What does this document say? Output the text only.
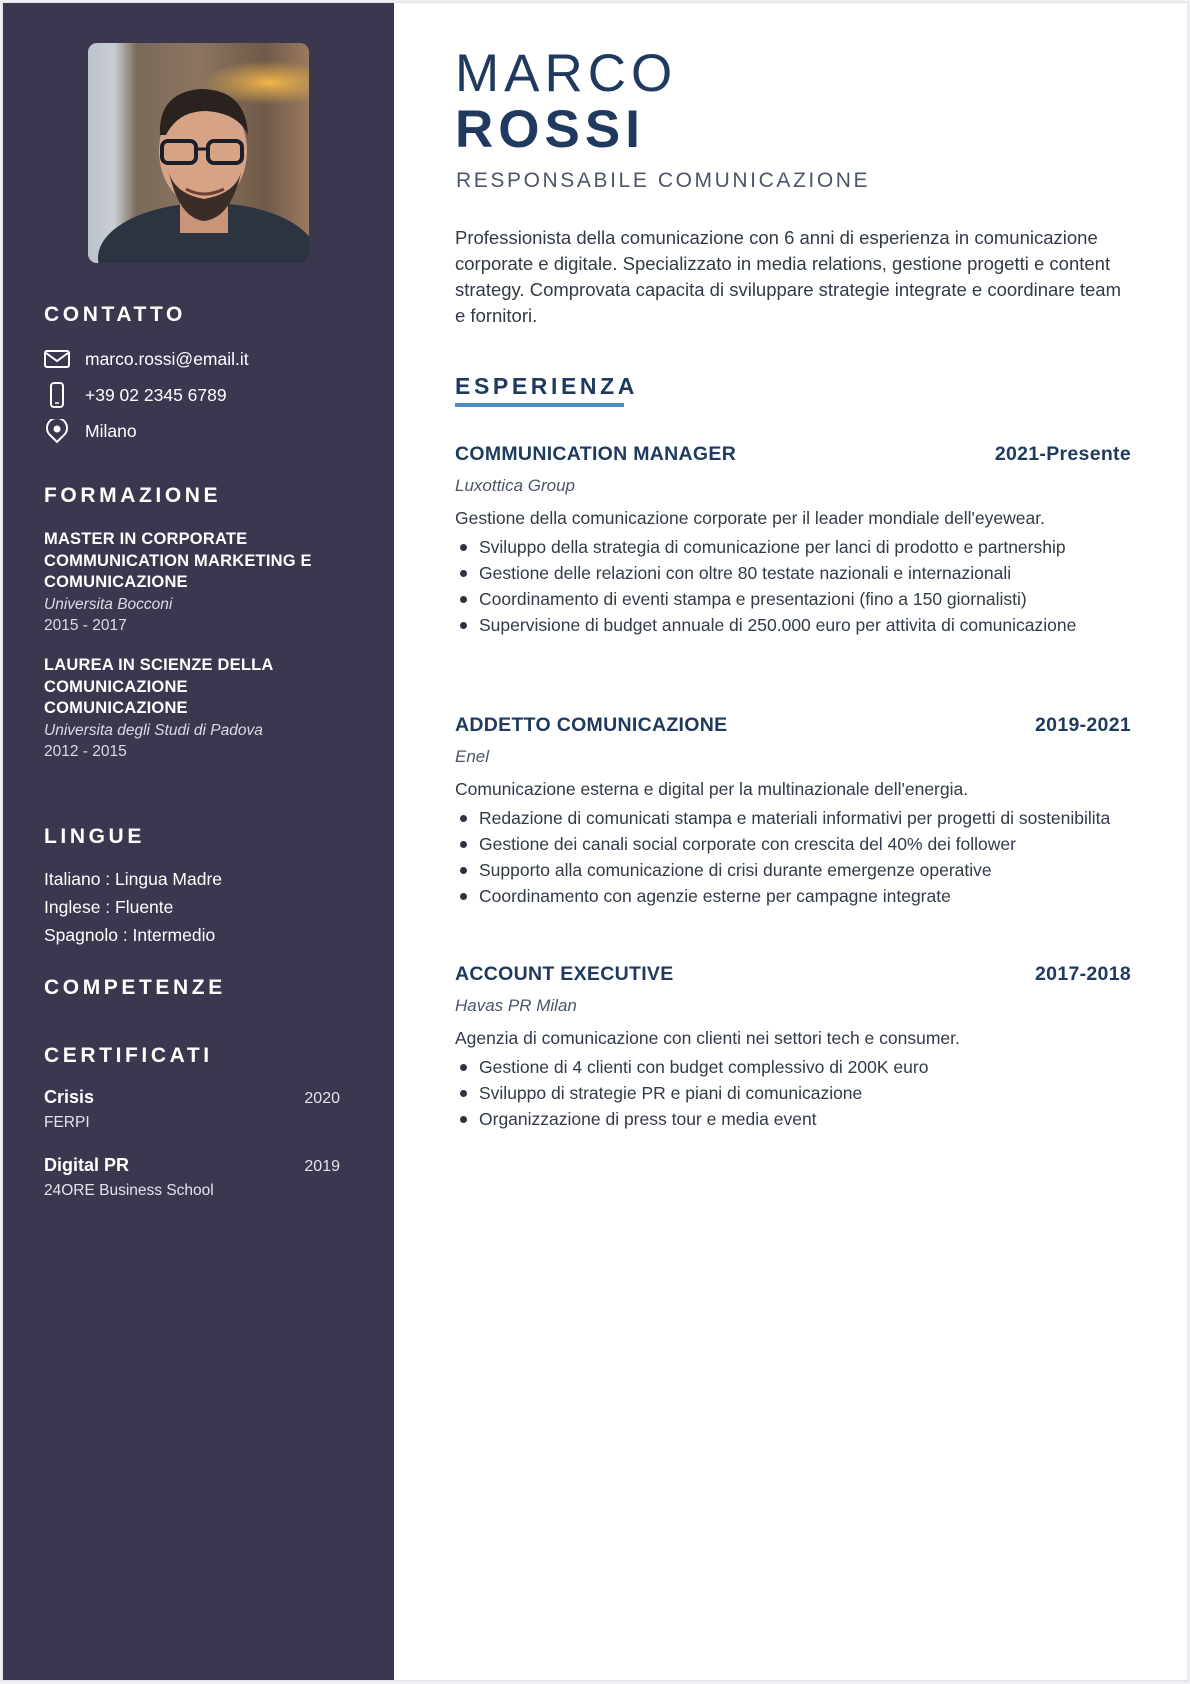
CONTATTO
marco.rossi@email.it
+39 02 2345 6789
Milano
FORMAZIONE
MASTER IN CORPORATE COMMUNICATION MARKETING E COMUNICAZIONE
Universita Bocconi
2015 - 2017
LAUREA IN SCIENZE DELLA COMUNICAZIONE COMUNICAZIONE
Universita degli Studi di Padova
2012 - 2015
LINGUE
Italiano : Lingua Madre
Inglese : Fluente
Spagnolo : Intermedio
COMPETENZE
CERTIFICATI
Crisis	2020
FERPI
Digital PR	2019
24ORE Business School
MARCO
ROSSI
RESPONSABILE COMUNICAZIONE

Professionista della comunicazione con 6 anni di esperienza in comunicazione corporate e digitale. Specializzato in media relations, gestione progetti e content strategy. Comprovata capacita di sviluppare strategie integrate e coordinare team e fornitori.

ESPERIENZA
COMMUNICATION MANAGER	2021-Presente
Luxottica Group
Gestione della comunicazione corporate per il leader mondiale dell'eyewear.
Sviluppo della strategia di comunicazione per lanci di prodotto e partnership
Gestione delle relazioni con oltre 80 testate nazionali e internazionali
Coordinamento di eventi stampa e presentazioni (fino a 150 giornalisti)
Supervisione di budget annuale di 250.000 euro per attivita di comunicazione
ADDETTO COMUNICAZIONE	2019-2021
Enel
Comunicazione esterna e digital per la multinazionale dell'energia.
Redazione di comunicati stampa e materiali informativi per progetti di sostenibilita
Gestione dei canali social corporate con crescita del 40% dei follower
Supporto alla comunicazione di crisi durante emergenze operative
Coordinamento con agenzie esterne per campagne integrate
ACCOUNT EXECUTIVE	2017-2018
Havas PR Milan
Agenzia di comunicazione con clienti nei settori tech e consumer.
Gestione di 4 clienti con budget complessivo di 200K euro
Sviluppo di strategie PR e piani di comunicazione
Organizzazione di press tour e media event
